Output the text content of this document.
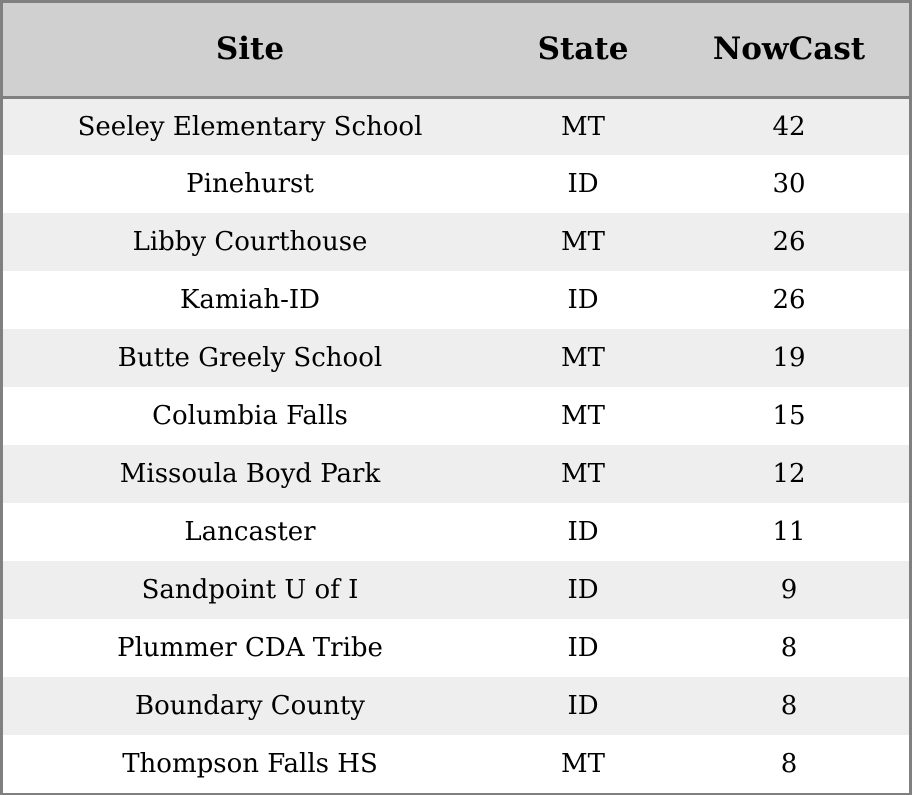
Site	State	NowCast
Seeley Elementary School	MT	42
Pinehurst	ID	30
Libby Courthouse	MT	26
Kamiah-ID	ID	26
Butte Greely School	MT	19
Columbia Falls	MT	15
Missoula Boyd Park	MT	12
Lancaster	ID	11
Sandpoint U of I	ID	9
Plummer CDA Tribe	ID	8
Boundary County	ID	8
Thompson Falls HS	MT	8
